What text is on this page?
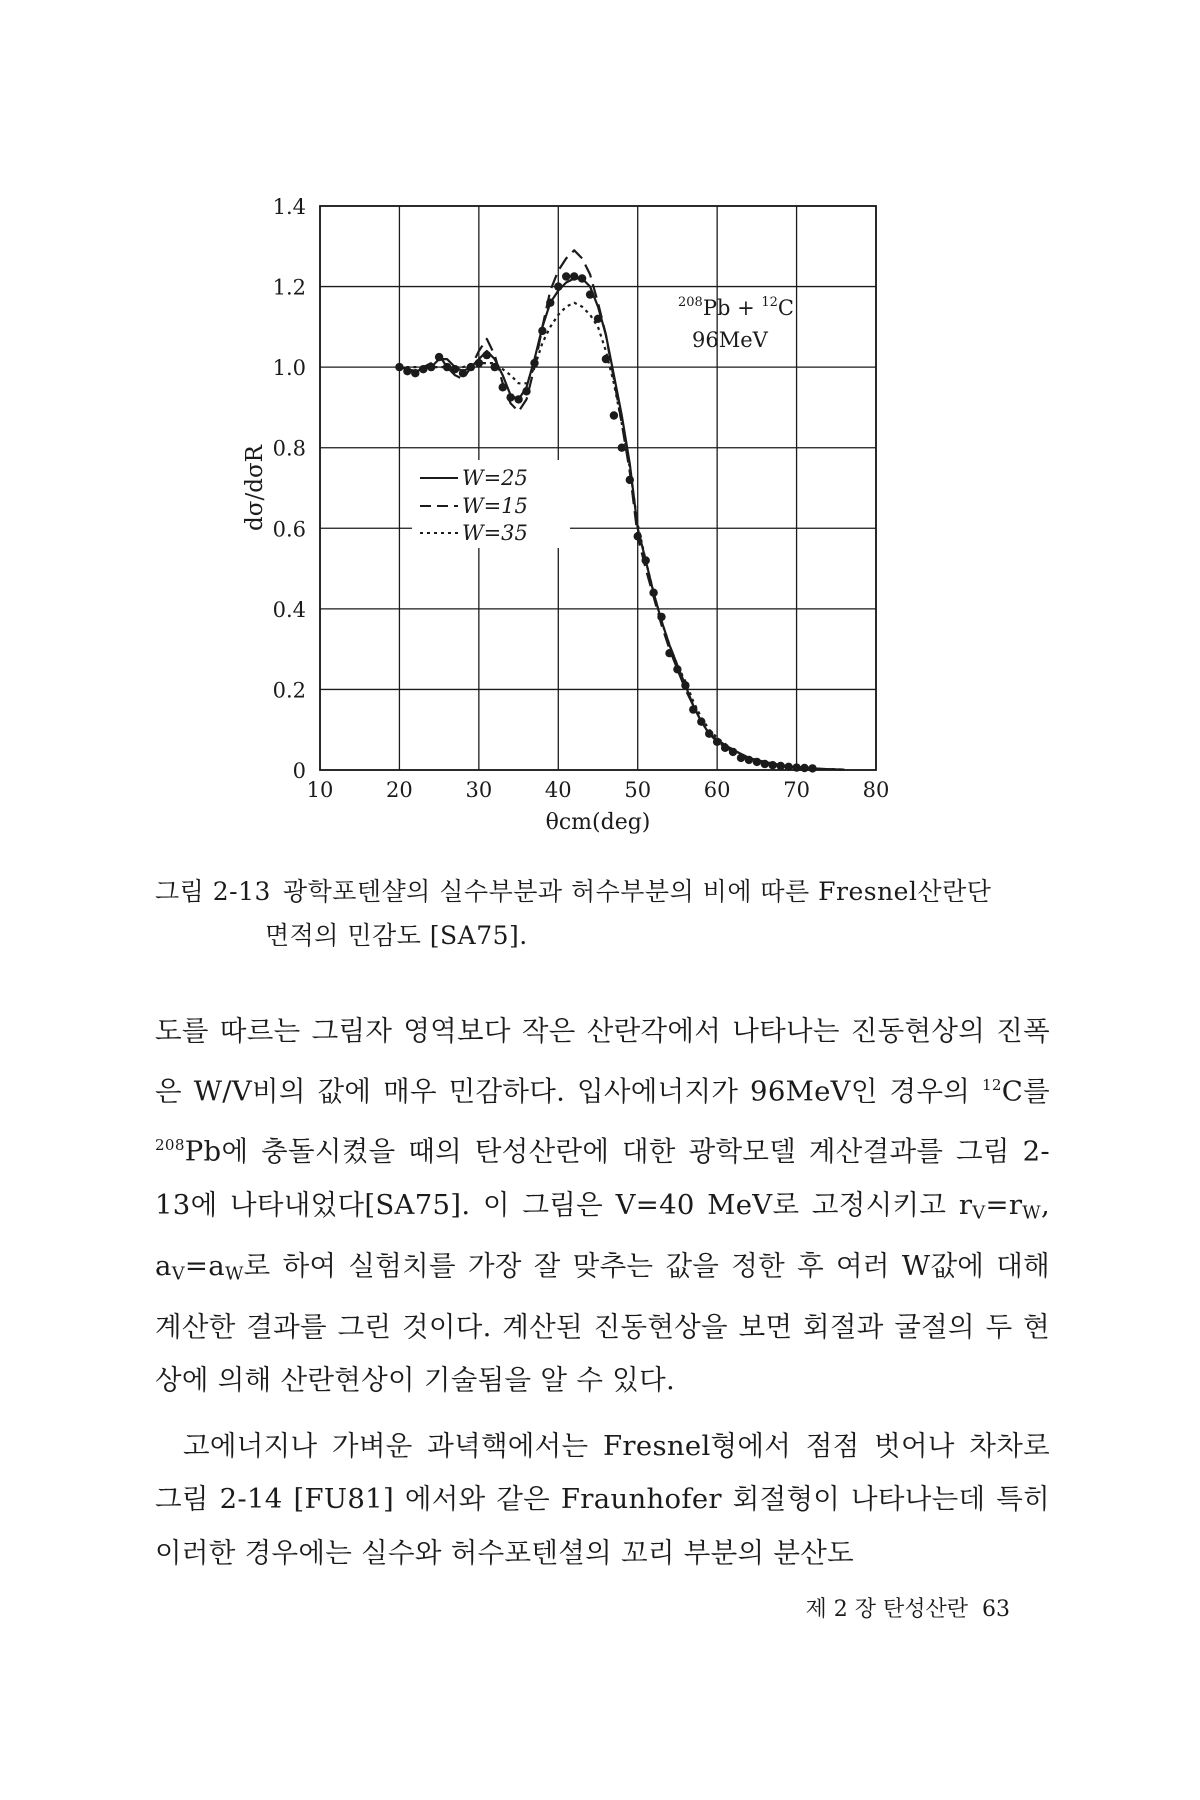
0
0.2
0.4
0.6
0.8
1.0
1.2
1.4
10	20	30	40	50	60	70	80
dσ/dσR
θcm(deg)
$^{208}$Pb + $^{12}$C
96MeV
W=25
W=15
W=35
그림 2-13 광학포텐샬의 실수부분과 허수부분의 비에 따른 Fresnel산란단
면적의 민감도 [SA75].

도를 따르는 그림자 영역보다 작은 산란각에서 나타나는 진동현상의 진폭은 W/V비의 값에 매우 민감하다. 입사에너지가 96MeV인 경우의 $^{12}$C를 $^{208}$Pb에 충돌시켰을 때의 탄성산란에 대한 광학모델 계산결과를 그림 2-13에 나타내었다[SA75]. 이 그림은 V=40 MeV로 고정시키고 $r_V=r_W$, $a_V=a_W$로 하여 실험치를 가장 잘 맞추는 값을 정한 후 여러 W값에 대해 계산한 결과를 그린 것이다. 계산된 진동현상을 보면 회절과 굴절의 두 현상에 의해 산란현상이 기술됨을 알 수 있다.

고에너지나 가벼운 과녁핵에서는 Fresnel형에서 점점 벗어나 차차로 그림 2-14 [FU81] 에서와 같은 Fraunhofer 회절형이 나타나는데 특히 이러한 경우에는 실수와 허수포텐셜의 꼬리 부분의 분산도

제 2 장 탄성산란 63
